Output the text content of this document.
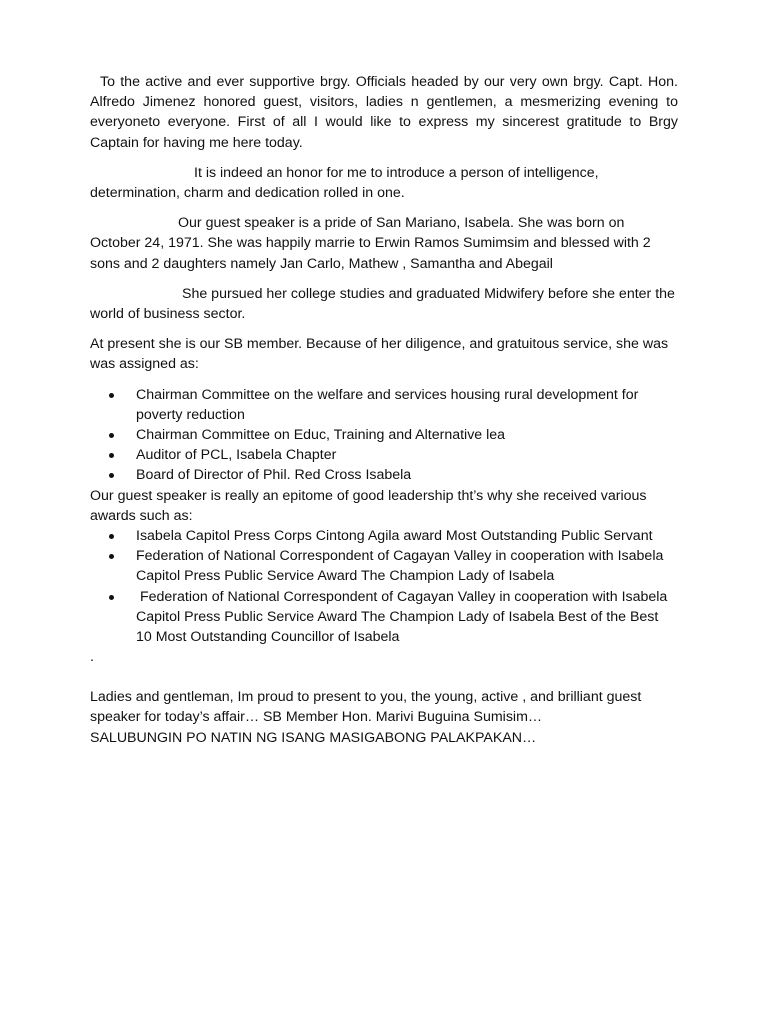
To the active and ever supportive brgy. Officials headed by our very own brgy. Capt. Hon. Alfredo Jimenez honored guest, visitors, ladies n gentlemen, a mesmerizing evening to everyoneto everyone. First of all I would like to express my sincerest gratitude to Brgy Captain for having me here today.

It is indeed an honor for me to introduce a person of intelligence, determination, charm and dedication rolled in one.

Our guest speaker is a pride of San Mariano, Isabela. She was born on October 24, 1971. She was happily marrie to Erwin Ramos Sumimsim and blessed with 2 sons and 2 daughters namely Jan Carlo, Mathew , Samantha and Abegail

She pursued her college studies and graduated Midwifery before she enter the world of business sector.

At present she is our SB member. Because of her diligence, and gratuitous service, she was was assigned as:

Chairman Committee on the welfare and services housing rural development for poverty reduction
Chairman Committee on Educ, Training and Alternative lea
Auditor of PCL, Isabela Chapter
Board of Director of Phil. Red Cross Isabela

Our guest speaker is really an epitome of good leadership tht’s why she received various awards such as:

Isabela Capitol Press Corps Cintong Agila award Most Outstanding Public Servant
Federation of National Correspondent of Cagayan Valley in cooperation with Isabela Capitol Press Public Service Award The Champion Lady of Isabela
Federation of National Correspondent of Cagayan Valley in cooperation with Isabela Capitol Press Public Service Award The Champion Lady of Isabela Best of the Best 10 Most Outstanding Councillor of Isabela
.

Ladies and gentleman, Im proud to present to you, the young, active , and brilliant guest speaker for today’s affair… SB Member Hon. Marivi Buguina Sumisim…

SALUBUNGIN PO NATIN NG ISANG MASIGABONG PALAKPAKAN…
